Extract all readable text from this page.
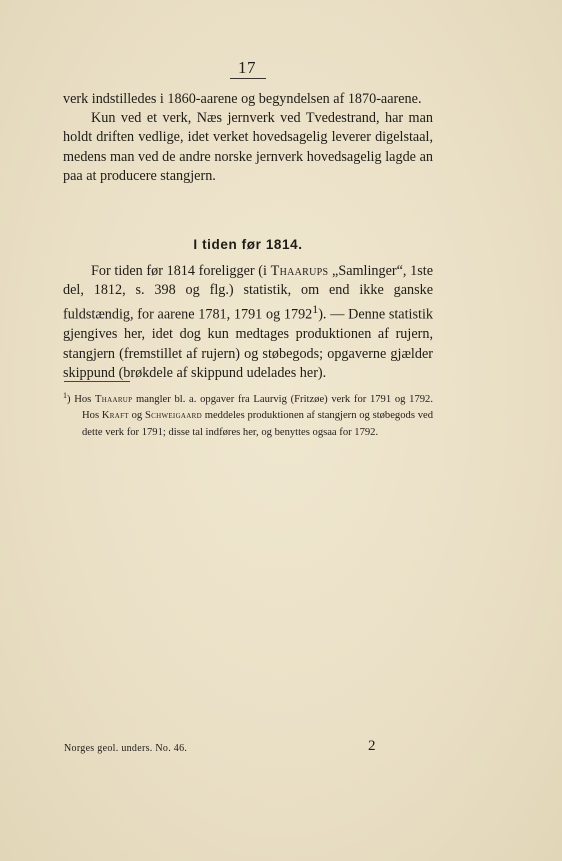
17

verk indstilledes i 1860-aarene og begyndelsen af 1870-aarene.

Kun ved et verk, Næs jernverk ved Tvedestrand, har man holdt driften vedlige, idet verket hovedsagelig leverer digelstaal, medens man ved de andre norske jernverk hovedsagelig lagde an paa at producere stangjern.

I tiden før 1814.

For tiden før 1814 foreligger (i Thaarups „Samlinger“, 1ste del, 1812, s. 398 og flg.) statistik, om end ikke ganske fuldstændig, for aarene 1781, 1791 og 1792$^1$). — Denne statistik gjengives her, idet dog kun medtages produktionen af rujern, stangjern (fremstillet af rujern) og støbegods; opgaverne gjælder skippund (brøkdele af skippund udelades her).

$^1$) Hos Thaarup mangler bl. a. opgaver fra Laurvig (Fritzøe) verk for 1791 og 1792. Hos Kraft og Schweigaard meddeles produktionen af stangjern og støbegods ved dette verk for 1791; disse tal indføres her, og benyttes ogsaa for 1792.
Norges geol. unders. No. 46.	2
